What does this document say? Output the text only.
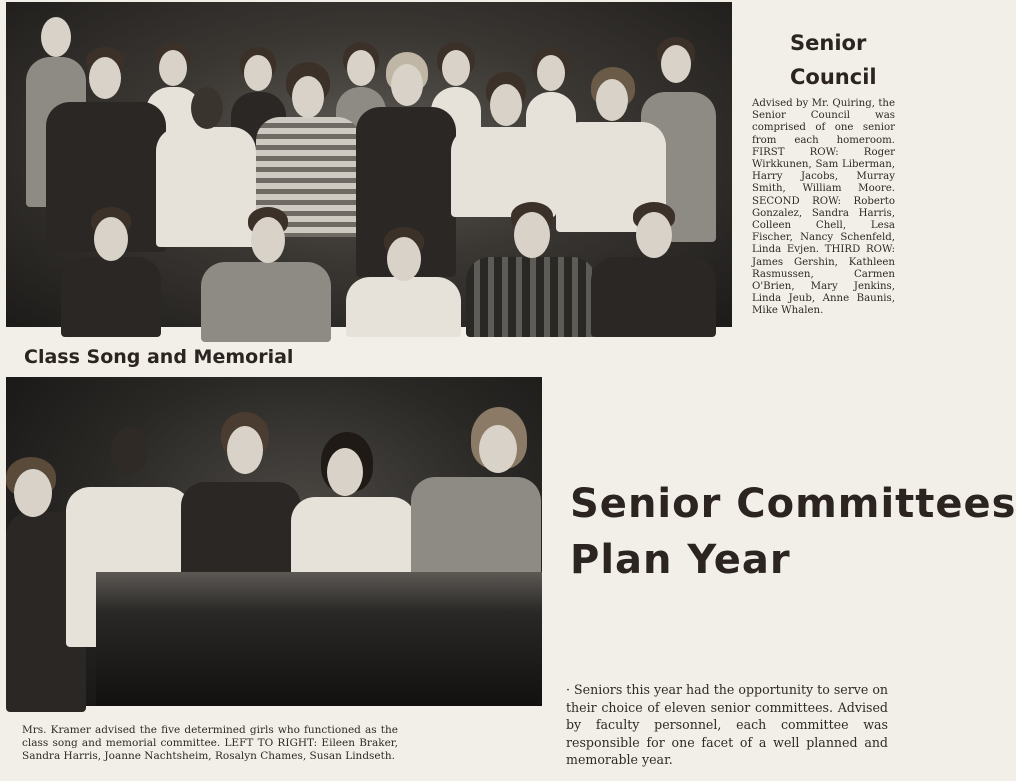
Senior
Council
Advised by Mr. Quiring, the Senior Council was comprised of one senior from each homeroom. FIRST ROW: Roger Wirkkunen, Sam Liberman, Harry Jacobs, Murray Smith, William Moore. SECOND ROW: Roberto Gonzalez, Sandra Harris, Colleen Chell, Lesa Fischer, Nancy Schenfeld, Linda Evjen. THIRD ROW: James Gershin, Kathleen Rasmussen, Carmen O'Brien, Mary Jenkins, Linda Jeub, Anne Baunis, Mike Whalen.
Class Song and Memorial
Mrs. Kramer advised the five determined girls who functioned as the class song and memorial committee. LEFT TO RIGHT: Eileen Braker, Sandra Harris, Joanne Nachtsheim, Rosalyn Chames, Susan Lindseth.
Senior Committees
Plan Year
· Seniors this year had the opportunity to serve on their choice of eleven senior committees. Advised by faculty personnel, each committee was responsible for one facet of a well planned and memorable year.
